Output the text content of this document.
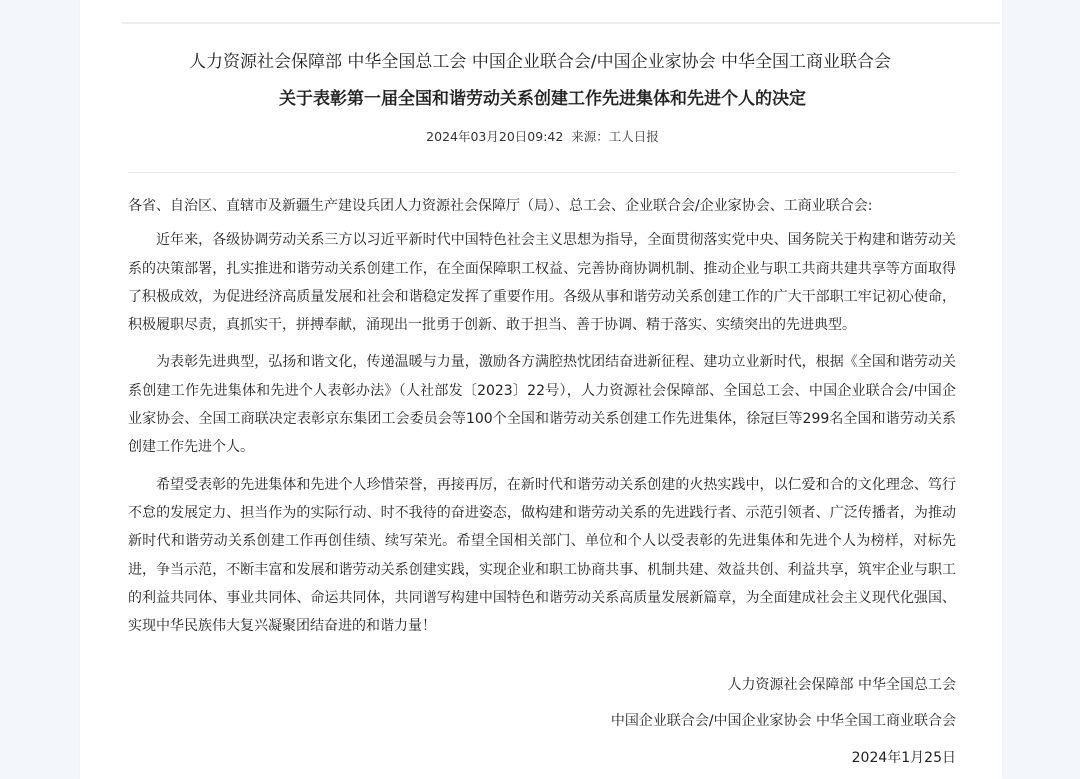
人力资源社会保障部 中华全国总工会 中国企业联合会/中国企业家协会 中华全国工商业联合会
关于表彰第一届全国和谐劳动关系创建工作先进集体和先进个人的决定
2024年03月20日09:42 来源：工人日报

各省、自治区、直辖市及新疆生产建设兵团人力资源社会保障厅（局）、总工会、企业联合会/企业家协会、工商业联合会:

近年来，各级协调劳动关系三方以习近平新时代中国特色社会主义思想为指导，全面贯彻落实党中央、国务院关于构建和谐劳动关系的决策部署，扎实推进和谐劳动关系创建工作，在全面保障职工权益、完善协商协调机制、推动企业与职工共商共建共享等方面取得了积极成效，为促进经济高质量发展和社会和谐稳定发挥了重要作用。各级从事和谐劳动关系创建工作的广大干部职工牢记初心使命，积极履职尽责，真抓实干，拼搏奉献，涌现出一批勇于创新、敢于担当、善于协调、精于落实、实绩突出的先进典型。

为表彰先进典型，弘扬和谐文化，传递温暖与力量，激励各方满腔热忱团结奋进新征程、建功立业新时代，根据《全国和谐劳动关系创建工作先进集体和先进个人表彰办法》（人社部发〔2023〕22号），人力资源社会保障部、全国总工会、中国企业联合会/中国企业家协会、全国工商联决定表彰京东集团工会委员会等100个全国和谐劳动关系创建工作先进集体，徐冠巨等299名全国和谐劳动关系创建工作先进个人。

希望受表彰的先进集体和先进个人珍惜荣誉，再接再厉，在新时代和谐劳动关系创建的火热实践中，以仁爱和合的文化理念、笃行不怠的发展定力、担当作为的实际行动、时不我待的奋进姿态，做构建和谐劳动关系的先进践行者、示范引领者、广泛传播者，为推动新时代和谐劳动关系创建工作再创佳绩、续写荣光。希望全国相关部门、单位和个人以受表彰的先进集体和先进个人为榜样，对标先进，争当示范，不断丰富和发展和谐劳动关系创建实践，实现企业和职工协商共事、机制共建、效益共创、利益共享，筑牢企业与职工的利益共同体、事业共同体、命运共同体，共同谱写构建中国特色和谐劳动关系高质量发展新篇章，为全面建成社会主义现代化强国、实现中华民族伟大复兴凝聚团结奋进的和谐力量！

人力资源社会保障部 中华全国总工会
中国企业联合会/中国企业家协会 中华全国工商业联合会
2024年1月25日
